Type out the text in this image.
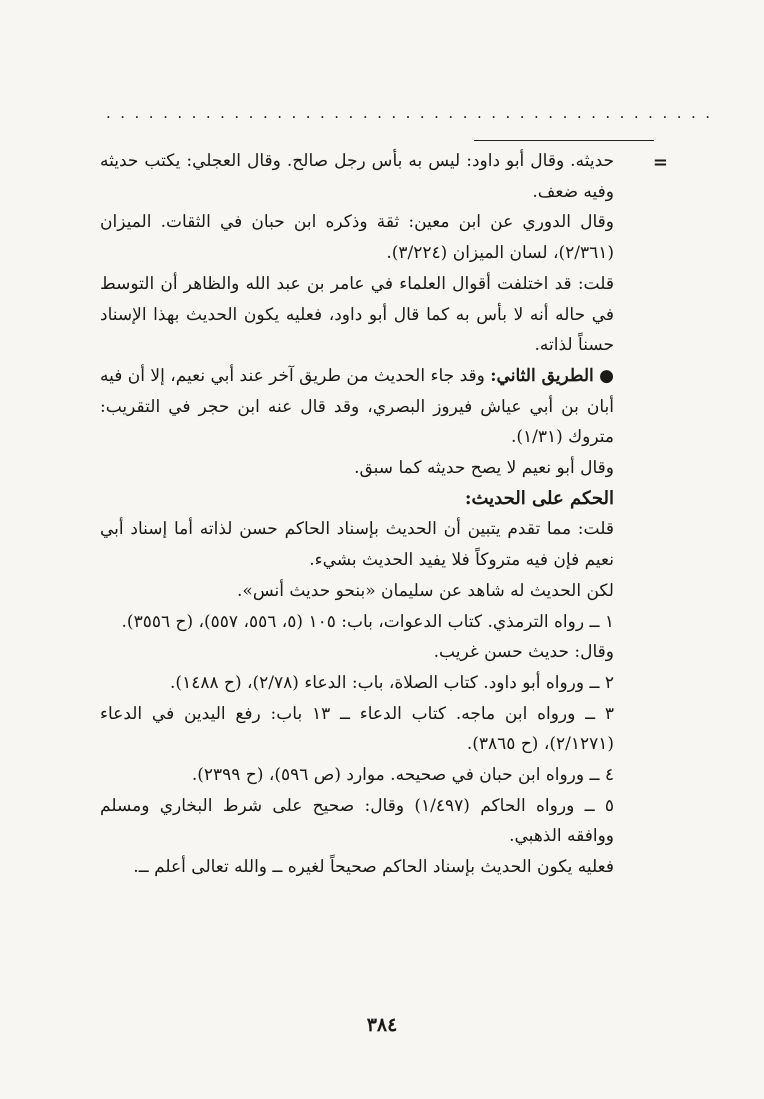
...........................................
=

حديثه. وقال أبو داود: ليس به بأس رجل صالح. وقال العجلي: يكتب حديثه وفيه ضعف.

وقال الدوري عن ابن معين: ثقة وذكره ابن حبان في الثقات. الميزان (٢/٣٦١)، لسان الميزان (٣/٢٢٤).

قلت: قد اختلفت أقوال العلماء في عامر بن عبد الله والظاهر أن التوسط في حاله أنه لا بأس به كما قال أبو داود، فعليه يكون الحديث بهذا الإسناد حسناً لذاته.

● الطريق الثاني: وقد جاء الحديث من طريق آخر عند أبي نعيم، إلا أن فيه أبان بن أبي عياش فيروز البصري، وقد قال عنه ابن حجر في التقريب: متروك (١/٣١).

وقال أبو نعيم لا يصح حديثه كما سبق.

الحكم على الحديث:

قلت: مما تقدم يتبين أن الحديث بإسناد الحاكم حسن لذاته أما إسناد أبي نعيم فإن فيه متروكاً فلا يفيد الحديث بشيء.

لكن الحديث له شاهد عن سليمان «بنحو حديث أنس».

١ ــ رواه الترمذي. كتاب الدعوات، باب: ١٠٥ (٥، ٥٥٦، ٥٥٧)، (ح ٣٥٥٦).

وقال: حديث حسن غريب.

٢ ــ ورواه أبو داود. كتاب الصلاة، باب: الدعاء (٢/٧٨)، (ح ١٤٨٨).

٣ ــ ورواه ابن ماجه. كتاب الدعاء ــ ١٣ باب: رفع اليدين في الدعاء (٢/١٢٧١)، (ح ٣٨٦٥).

٤ ــ ورواه ابن حبان في صحيحه. موارد (ص ٥٩٦)، (ح ٢٣٩٩).

٥ ــ ورواه الحاكم (١/٤٩٧) وقال: صحيح على شرط البخاري ومسلم ووافقه الذهبي.

فعليه يكون الحديث بإسناد الحاكم صحيحاً لغيره ــ والله تعالى أعلم ــ.

٣٨٤
